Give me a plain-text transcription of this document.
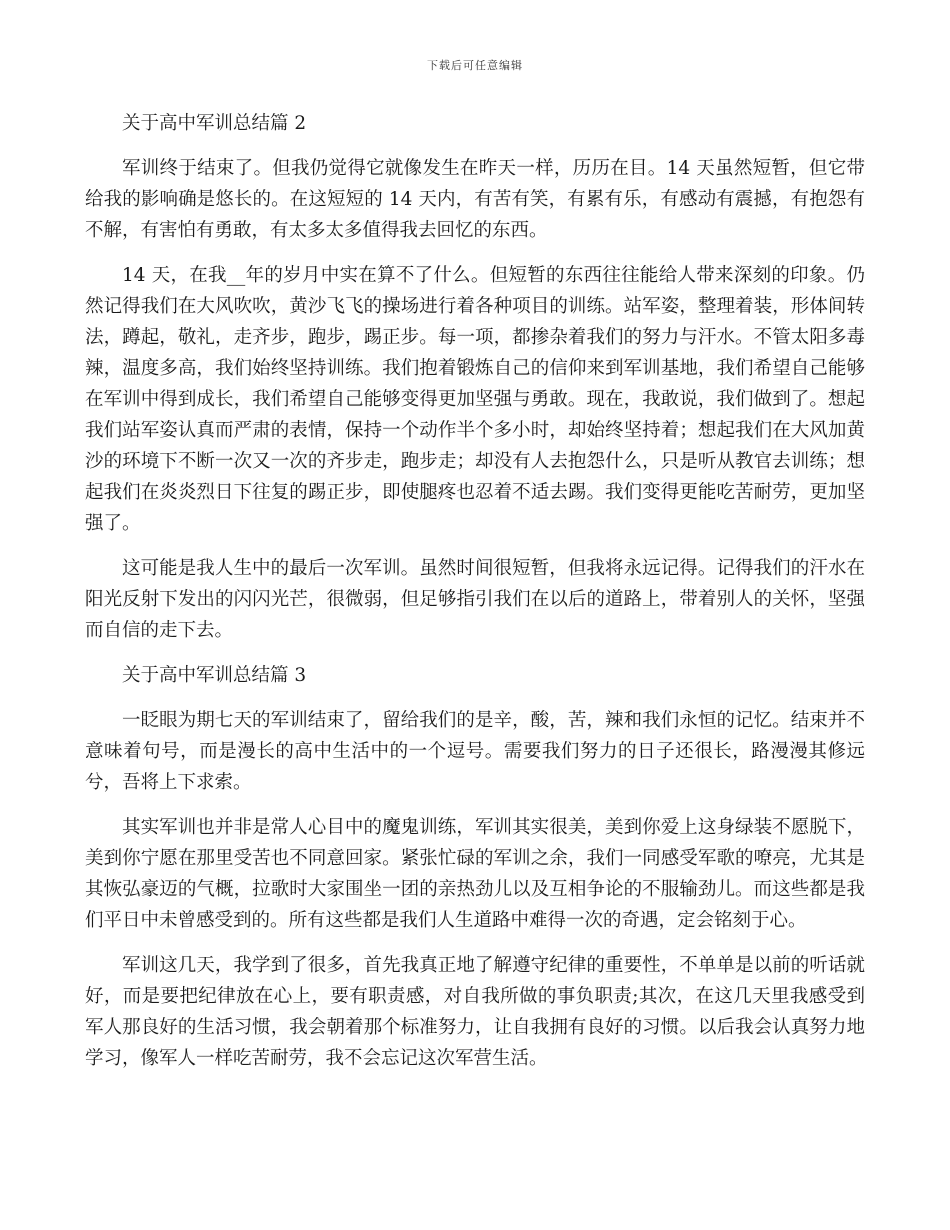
下载后可任意编辑

关于高中军训总结篇 2

军训终于结束了。但我仍觉得它就像发生在昨天一样，历历在目。14 天虽然短暂，但它带给我的影响确是悠长的。在这短短的 14 天内，有苦有笑，有累有乐，有感动有震撼，有抱怨有不解，有害怕有勇敢，有太多太多值得我去回忆的东西。

14 天，在我__年的岁月中实在算不了什么。但短暂的东西往往能给人带来深刻的印象。仍然记得我们在大风吹吹，黄沙飞飞的操场进行着各种项目的训练。站军姿，整理着装，形体间转法，蹲起，敬礼，走齐步，跑步，踢正步。每一项，都掺杂着我们的努力与汗水。不管太阳多毒辣，温度多高，我们始终坚持训练。我们抱着锻炼自己的信仰来到军训基地，我们希望自己能够在军训中得到成长，我们希望自己能够变得更加坚强与勇敢。现在，我敢说，我们做到了。想起我们站军姿认真而严肃的表情，保持一个动作半个多小时，却始终坚持着；想起我们在大风加黄沙的环境下不断一次又一次的齐步走，跑步走；却没有人去抱怨什么，只是听从教官去训练；想起我们在炎炎烈日下往复的踢正步，即使腿疼也忍着不适去踢。我们变得更能吃苦耐劳，更加坚强了。

这可能是我人生中的最后一次军训。虽然时间很短暂，但我将永远记得。记得我们的汗水在阳光反射下发出的闪闪光芒，很微弱，但足够指引我们在以后的道路上，带着别人的关怀，坚强而自信的走下去。

关于高中军训总结篇 3

一眨眼为期七天的军训结束了，留给我们的是辛，酸，苦，辣和我们永恒的记忆。结束并不意味着句号，而是漫长的高中生活中的一个逗号。需要我们努力的日子还很长，路漫漫其修远兮，吾将上下求索。

其实军训也并非是常人心目中的魔鬼训练，军训其实很美，美到你爱上这身绿装不愿脱下，美到你宁愿在那里受苦也不同意回家。紧张忙碌的军训之余，我们一同感受军歌的嘹亮，尤其是其恢弘豪迈的气概，拉歌时大家围坐一团的亲热劲儿以及互相争论的不服输劲儿。而这些都是我们平日中未曾感受到的。所有这些都是我们人生道路中难得一次的奇遇，定会铭刻于心。

军训这几天，我学到了很多，首先我真正地了解遵守纪律的重要性，不单单是以前的听话就好，而是要把纪律放在心上，要有职责感，对自我所做的事负职责;其次，在这几天里我感受到军人那良好的生活习惯，我会朝着那个标准努力，让自我拥有良好的习惯。以后我会认真努力地学习，像军人一样吃苦耐劳，我不会忘记这次军营生活。
